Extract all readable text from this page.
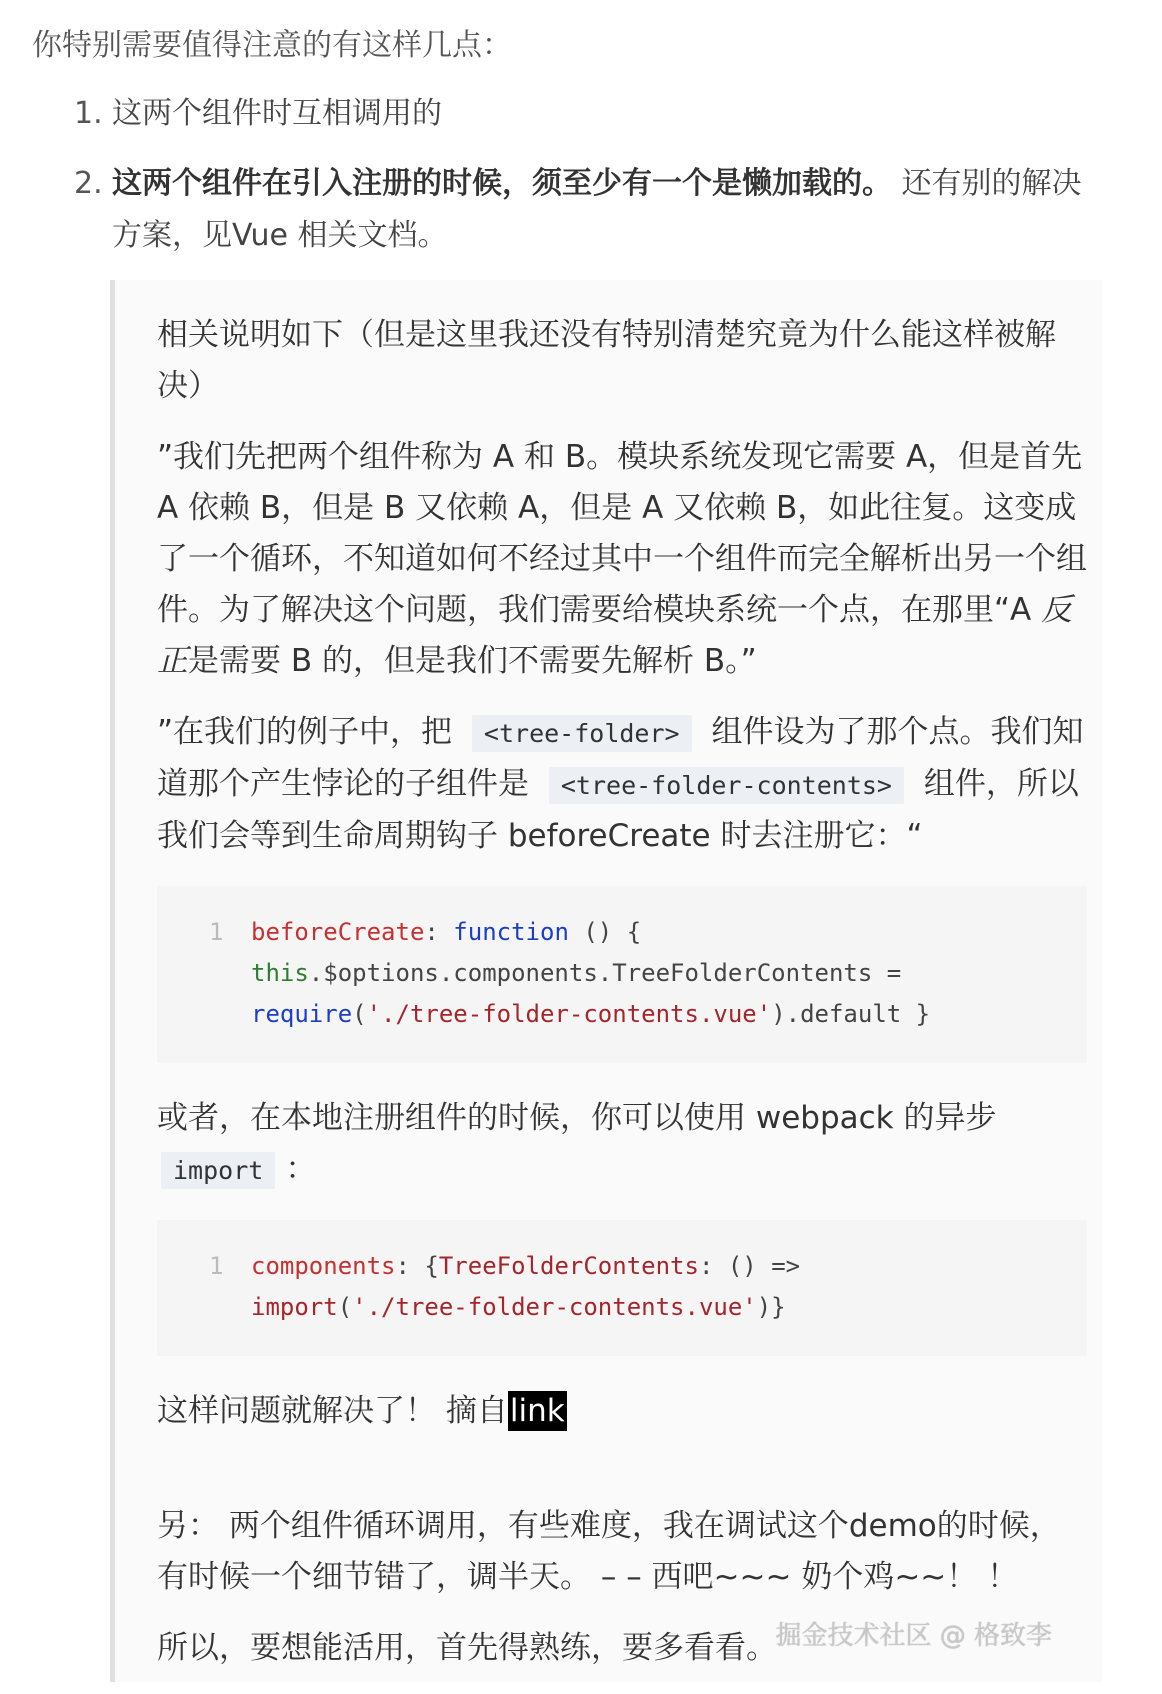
你特别需要值得注意的有这样几点：
1. 这两个组件时互相调用的
2. 这两个组件在引入注册的时候，须至少有一个是懒加载的。 还有别的解决方案，见Vue 相关文档。

相关说明如下（但是这里我还没有特别清楚究竟为什么能这样被解决）

”我们先把两个组件称为 A 和 B。模块系统发现它需要 A，但是首先 A 依赖 B，但是 B 又依赖 A，但是 A 又依赖 B，如此往复。这变成了一个循环，不知道如何不经过其中一个组件而完全解析出另一个组件。为了解决这个问题，我们需要给模块系统一个点，在那里“A 反正是需要 B 的，但是我们不需要先解析 B。”

”在我们的例子中，把 <tree-folder> 组件设为了那个点。我们知道那个产生悖论的子组件是 <tree-folder-contents> 组件，所以我们会等到生命周期钩子 beforeCreate 时去注册它：“

1 beforeCreate: function () {
this.$options.components.TreeFolderContents =
require('./tree-folder-contents.vue').default }

或者，在本地注册组件的时候，你可以使用 webpack 的异步
import ：

1 components: {TreeFolderContents: () =>
import('./tree-folder-contents.vue')}

这样问题就解决了！ 摘自link

另： 两个组件循环调用，有些难度，我在调试这个demo的时候，有时候一个细节错了，调半天。 – – 西吧~~~ 奶个鸡~~！ ！

所以，要想能活用，首先得熟练，要多看看。

掘金技术社区 @ 格致李
